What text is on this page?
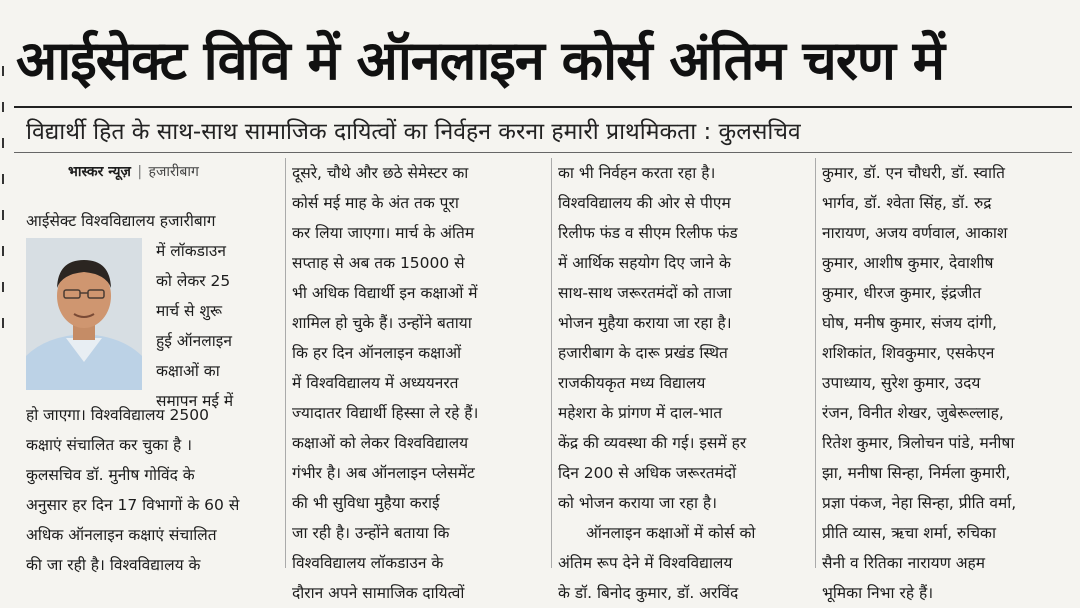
आईसेक्ट विवि में ऑनलाइन कोर्स अंतिम चरण में
विद्यार्थी हित के साथ-साथ सामाजिक दायित्वों का निर्वहन करना हमारी प्राथमिकता : कुलसचिव
भास्कर न्यूज़ | हजारीबाग
आईसेक्ट विश्वविद्यालय हजारीबाग
में लॉकडाउन
को लेकर 25
मार्च से शुरू
हुई ऑनलाइन
कक्षाओं का
समापन मई में
हो जाएगा। विश्वविद्यालय 2500
कक्षाएं संचालित कर चुका है ।
कुलसचिव डॉ. मुनीष गोविंद के
अनुसार हर दिन 17 विभागों के 60 से
अधिक ऑनलाइन कक्षाएं संचालित
की जा रही है। विश्वविद्यालय के
दूसरे, चौथे और छठे सेमेस्टर का
कोर्स मई माह के अंत तक पूरा
कर लिया जाएगा। मार्च के अंतिम
सप्ताह से अब तक 15000 से
भी अधिक विद्यार्थी इन कक्षाओं में
शामिल हो चुके हैं। उन्होंने बताया
कि हर दिन ऑनलाइन कक्षाओं
में विश्वविद्यालय में अध्ययनरत
ज्यादातर विद्यार्थी हिस्सा ले रहे हैं।
कक्षाओं को लेकर विश्वविद्यालय
गंभीर है। अब ऑनलाइन प्लेसमेंट
की भी सुविधा मुहैया कराई
जा रही है। उन्होंने बताया कि
विश्वविद्यालय लॉकडाउन के
दौरान अपने सामाजिक दायित्वों
का भी निर्वहन करता रहा है।
विश्वविद्यालय की ओर से पीएम
रिलीफ फंड व सीएम रिलीफ फंड
में आर्थिक सहयोग दिए जाने के
साथ-साथ जरूरतमंदों को ताजा
भोजन मुहैया कराया जा रहा है।
हजारीबाग के दारू प्रखंड स्थित
राजकीयकृत मध्य विद्यालय
महेशरा के प्रांगण में दाल-भात
केंद्र की व्यवस्था की गई। इसमें हर
दिन 200 से अधिक जरूरतमंदों
को भोजन कराया जा रहा है।
ऑनलाइन कक्षाओं में कोर्स को
अंतिम रूप देने में विश्वविद्यालय
के डॉ. बिनोद कुमार, डॉ. अरविंद
कुमार, डॉ. एन चौधरी, डॉ. स्वाति
भार्गव, डॉ. श्वेता सिंह, डॉ. रुद्र
नारायण, अजय वर्णवाल, आकाश
कुमार, आशीष कुमार, देवाशीष
कुमार, धीरज कुमार, इंद्रजीत
घोष, मनीष कुमार, संजय दांगी,
शशिकांत, शिवकुमार, एसकेएन
उपाध्याय, सुरेश कुमार, उदय
रंजन, विनीत शेखर, जुबेरूल्लाह,
रितेश कुमार, त्रिलोचन पांडे, मनीषा
झा, मनीषा सिन्हा, निर्मला कुमारी,
प्रज्ञा पंकज, नेहा सिन्हा, प्रीति वर्मा,
प्रीति व्यास, ऋचा शर्मा, रुचिका
सैनी व रितिका नारायण अहम
भूमिका निभा रहे हैं।
